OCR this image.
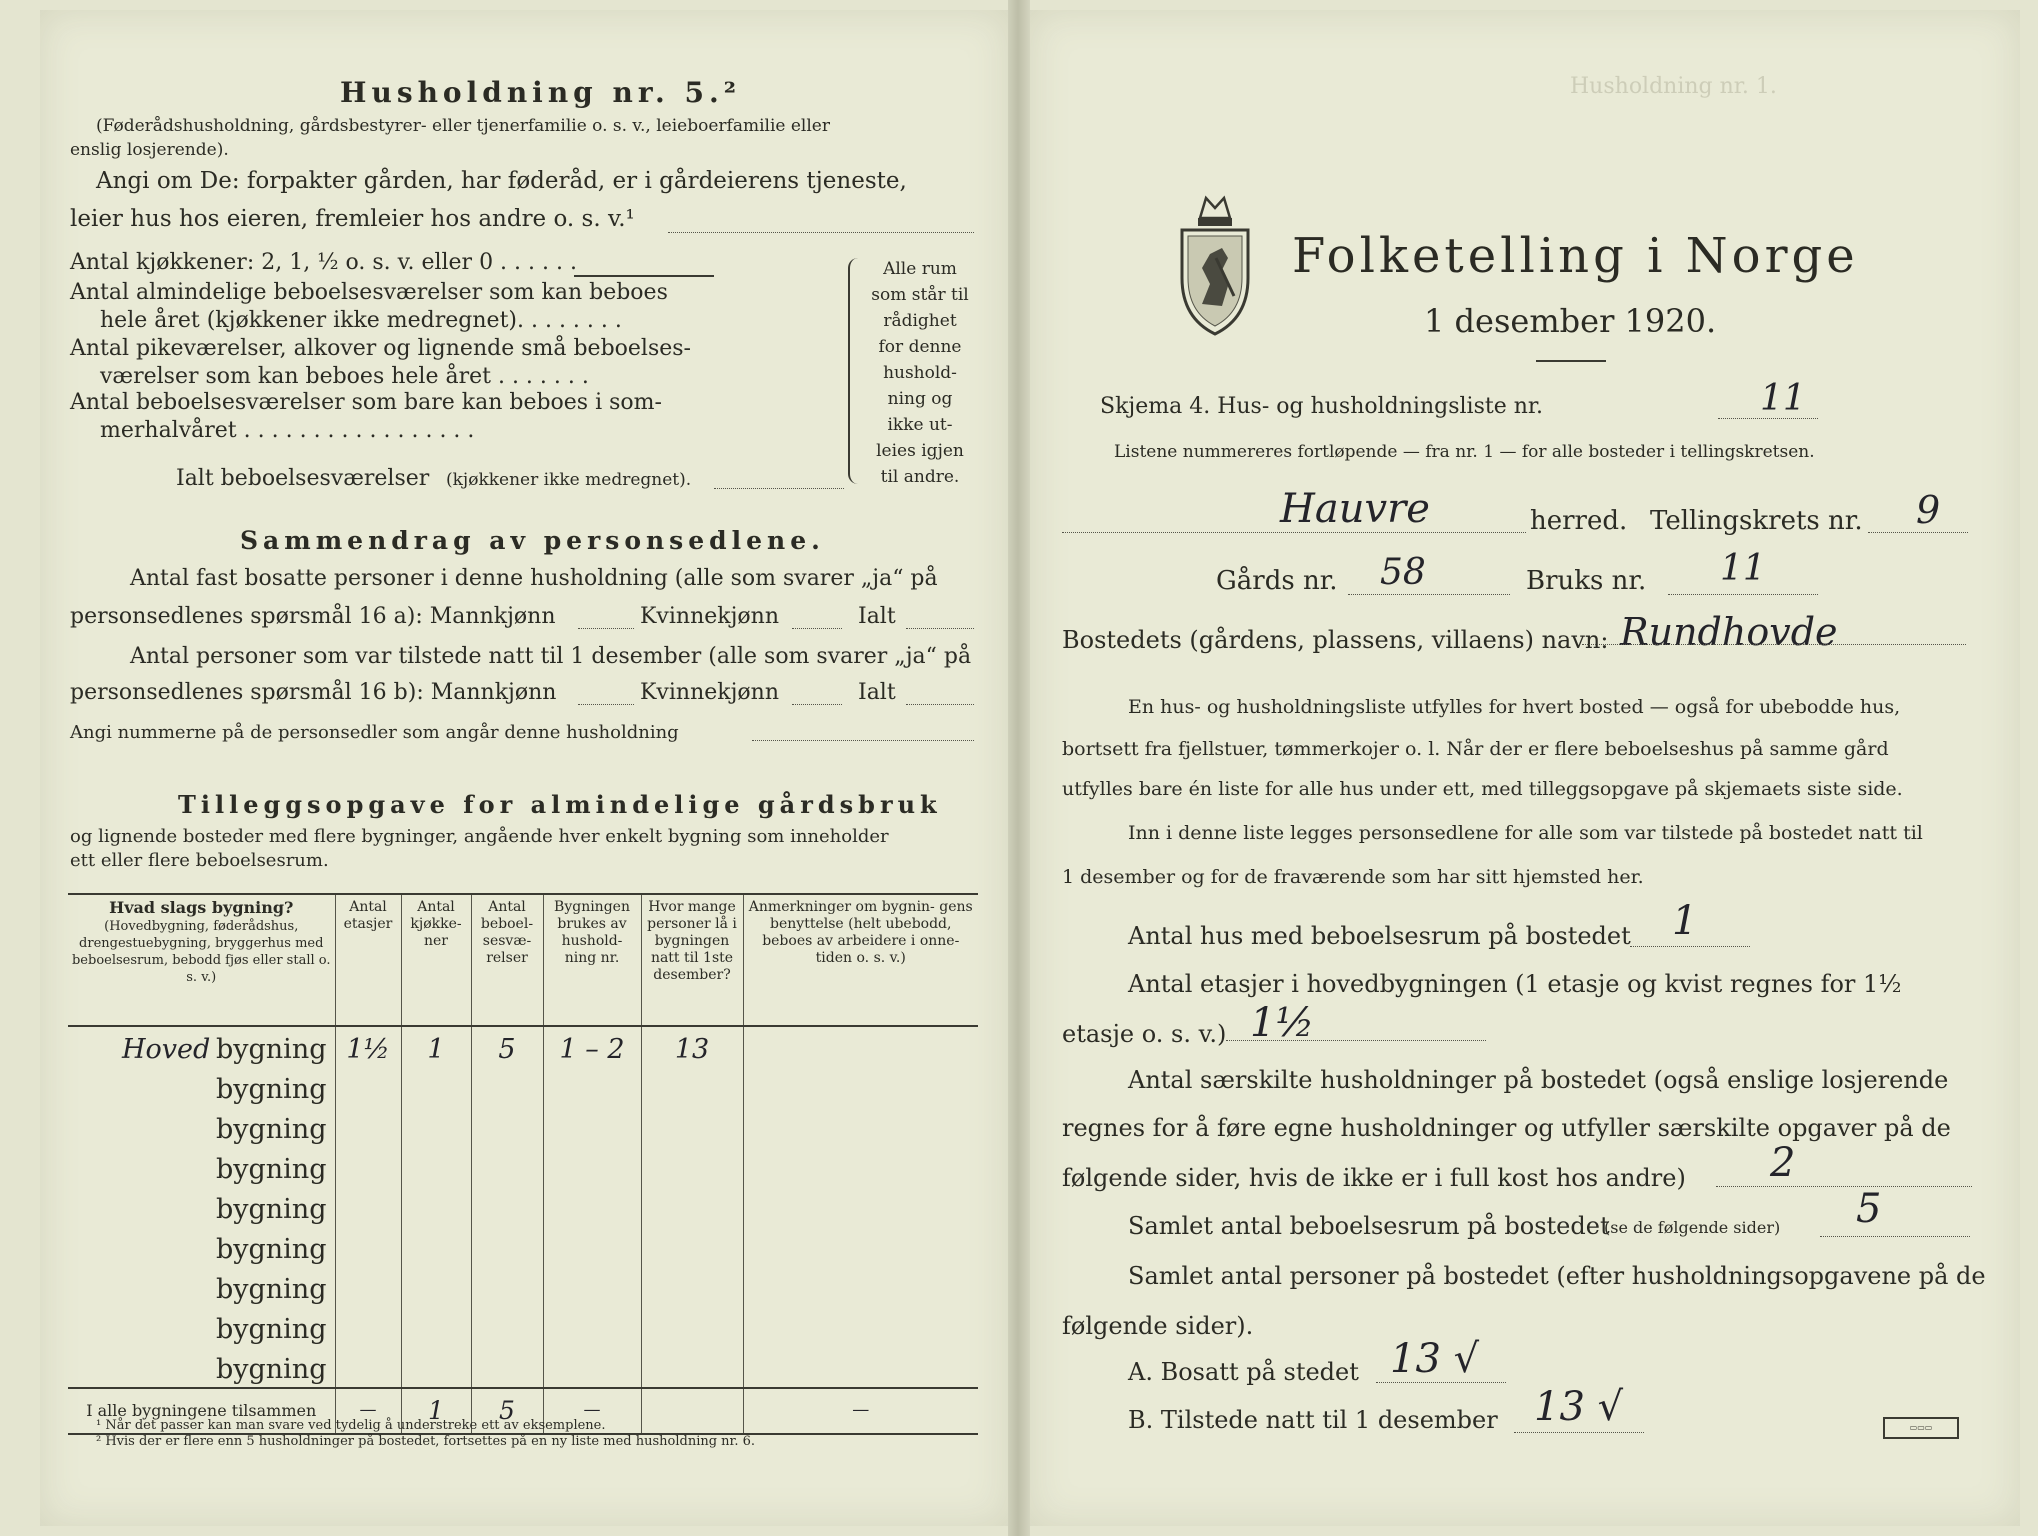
Husholdning nr. 5.²
(Føderådshusholdning, gårdsbestyrer- eller tjenerfamilie o. s. v., leieboerfamilie eller
enslig losjerende).
Angi om De: forpakter gården, har føderåd, er i gårdeierens tjeneste,
leier hus hos eieren, fremleier hos andre o. s. v.¹
Antal kjøkkener: 2, 1, ½ o. s. v. eller 0 . . . . . .
Antal almindelige beboelsesværelser som kan beboes
hele året (kjøkkener ikke medregnet). . . . . . . .
Antal pikeværelser, alkover og lignende små beboelses-
værelser som kan beboes hele året . . . . . . .
Antal beboelsesværelser som bare kan beboes i som-
merhalvåret . . . . . . . . . . . . . . . . .
Ialt beboelsesværelser (kjøkkener ikke medregnet).
Alle rum
som står til
rådighet
for denne
hushold-
ning og
ikke ut-
leies igjen
til andre.
Sammendrag av personsedlene.
Antal fast bosatte personer i denne husholdning (alle som svarer „ja“ på
personsedlenes spørsmål 16 a): Mannkjønn	Kvinnekjønn	Ialt
Antal personer som var tilstede natt til 1 desember (alle som svarer „ja“ på
personsedlenes spørsmål 16 b): Mannkjønn	Kvinnekjønn	Ialt
Angi nummerne på de personsedler som angår denne husholdning
Tilleggsopgave for almindelige gårdsbruk
og lignende bosteder med flere bygninger, angående hver enkelt bygning som inneholder
ett eller flere beboelsesrum.
Hvad slags bygning?
(Hovedbygning, føderådshus, drengestuebygning, bryggerhus med beboelsesrum, bebodd fjøs eller stall o. s. v.)	Antal etasjer	Antal kjøkke- ner	Antal beboel- sesvæ- relser	Bygningen brukes av hushold- ning nr.	Hvor mange personer lå i bygningen natt til 1ste desember?	Anmerkninger om bygnin- gens benyttelse (helt ubebodd, beboes av arbeidere i onne- tiden o. s. v.)

Hoved bygning	1½	1	5	1 – 2	13	
bygning						
bygning						
bygning						
bygning						
bygning						
bygning						
bygning						
bygning						
I alle bygningene tilsammen	—	1	5	—		—
¹ Når det passer kan man svare ved tydelig å understreke ett av eksemplene.
² Hvis der er flere enn 5 husholdninger på bostedet, fortsettes på en ny liste med husholdning nr. 6.
Husholdning nr. 1.
Folketelling i Norge
1 desember 1920.
Skjema 4. Hus- og husholdningsliste nr.	11
Listene nummereres fortløpende — fra nr. 1 — for alle bosteder i tellingskretsen.
Hauvre	herred. Tellingskrets nr. 9
Gårds nr. 58	Bruks nr. 11
Bostedets (gårdens, plassens, villaens) navn: Rundhovde
En hus- og husholdningsliste utfylles for hvert bosted — også for ubebodde hus,
bortsett fra fjellstuer, tømmerkojer o. l. Når der er flere beboelseshus på samme gård
utfylles bare én liste for alle hus under ett, med tilleggsopgave på skjemaets siste side.
Inn i denne liste legges personsedlene for alle som var tilstede på bostedet natt til
1 desember og for de fraværende som har sitt hjemsted her.
Antal hus med beboelsesrum på bostedet 1
Antal etasjer i hovedbygningen (1 etasje og kvist regnes for 1½
etasje o. s. v.) 1½
Antal særskilte husholdninger på bostedet (også enslige losjerende
regnes for å føre egne husholdninger og utfyller særskilte opgaver på de
følgende sider, hvis de ikke er i full kost hos andre) 2
Samlet antal beboelsesrum på bostedet
(se de følgende sider) 5
Samlet antal personer på bostedet (efter husholdningsopgavene på de
følgende sider).
A. Bosatt på stedet 13 √
B. Tilstede natt til 1 desember 13 √	▭▭▭
